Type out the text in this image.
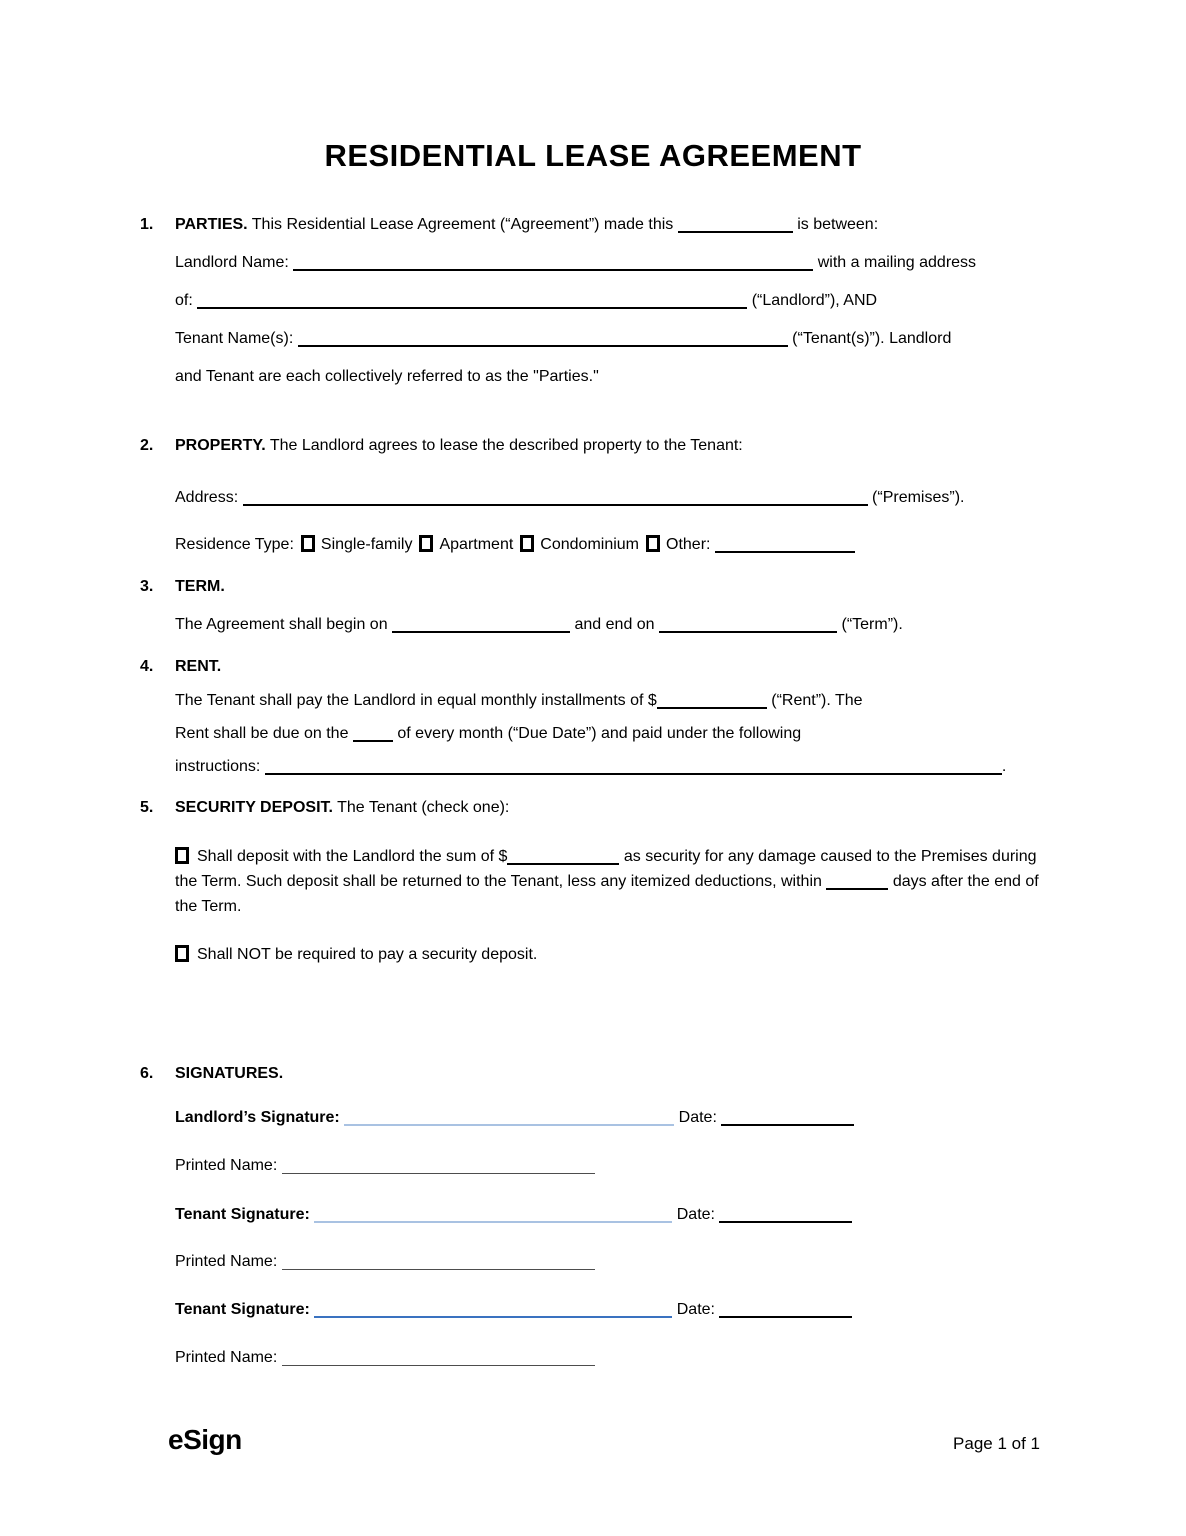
RESIDENTIAL LEASE AGREEMENT
1. PARTIES. This Residential Lease Agreement (“Agreement”) made this	is between:
Landlord Name:	with a mailing address
of:	(“Landlord”), AND
Tenant Name(s):	(“Tenant(s)”). Landlord
and Tenant are each collectively referred to as the "Parties."
2. PROPERTY. The Landlord agrees to lease the described property to the Tenant:
Address:	(“Premises”).
Residence Type: Single-family Apartment Condominium Other:
3. TERM.
The Agreement shall begin on	and end on	(“Term”).
4. RENT.
The Tenant shall pay the Landlord in equal monthly installments of $	(“Rent”). The
Rent shall be due on the	of every month (“Due Date”) and paid under the following
instructions:	.
5. SECURITY DEPOSIT. The Tenant (check one):
Shall deposit with the Landlord the sum of $	as security for any damage caused to the Premises during the Term. Such deposit shall be returned to the Tenant, less any itemized deductions, within	days after the end of the Term.
Shall NOT be required to pay a security deposit.
6. SIGNATURES.
Landlord’s Signature:	Date:
Printed Name:
Tenant Signature:	Date:
Printed Name:
Tenant Signature:	Date:
Printed Name:
eSign	Page 1 of 1
